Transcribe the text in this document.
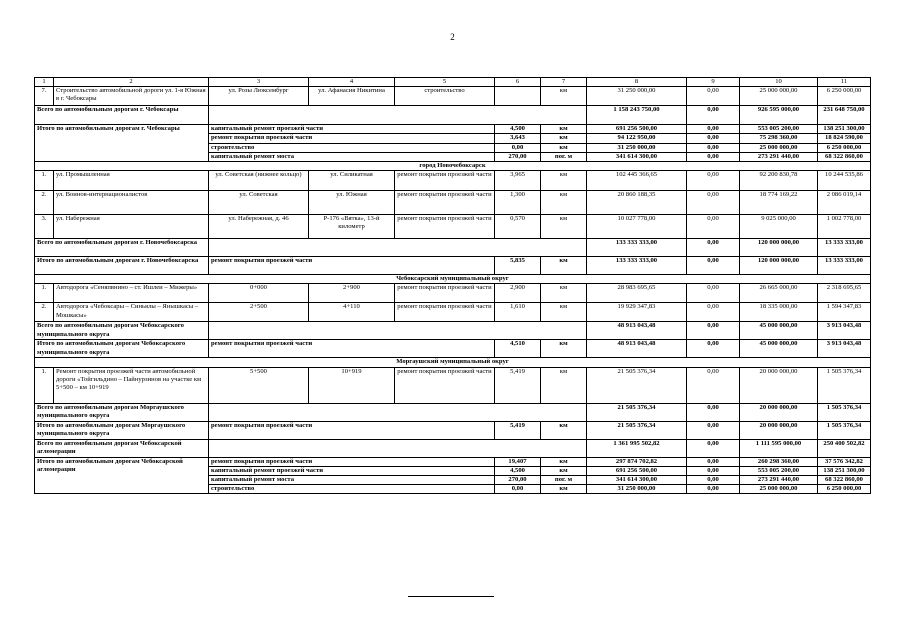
2
1	2	3	4	5	6	7	8	9	10	11
7.	Строительство автомобильной дороги ул. 1-я Южная в г. Чебоксары	ул. Розы Люксембург	ул. Афанасия Никитина	строительство		км	31 250 000,00	0,00	25 000 000,00	6 250 000,00
Всего по автомобильным дорогам г. Чебоксары							1 158 243 750,00	0,00	926 595 000,00	231 648 750,00
Итого по автомобильным дорогам г. Чебоксары		капитальный ремонт проезжей части			4,500	км	691 256 500,00	0,00	553 005 200,00	138 251 300,00
		ремонт покрытия проезжей части			3,643	км	94 122 950,00	0,00	75 298 360,00	18 824 590,00
		строительство			0,00	км	31 250 000,00	0,00	25 000 000,00	6 250 000,00
		капитальный ремонт моста			270,00	пог. м	341 614 300,00	0,00	273 291 440,00	68 322 860,00
город Новочебоксарск										
1.	ул. Промышленная	ул. Советская (нижнее кольцо)	ул. Силикатная	ремонт покрытия проезжей части	3,965	км	102 445 366,65	0,00	92 200 830,78	10 244 535,86
2.	ул. Воинов-интернационалистов	ул. Советская	ул. Южная	ремонт покрытия проезжей части	1,300	км	20 860 188,35	0,00	18 774 169,22	2 086 019,14
3.	ул. Набережная	ул. Набережная, д. 46	Р-176 «Вятка», 13-й километр	ремонт покрытия проезжей части	0,570	км	10 027 778,00	0,00	9 025 000,00	1 002 778,00
Всего по автомобильным дорогам г. Новочебоксарска							133 333 333,00	0,00	120 000 000,00	13 333 333,00
Итого по автомобильным дорогам г. Новочебоксарска		ремонт покрытия проезжей части			5,835	км	133 333 333,00	0,00	120 000 000,00	13 333 333,00
Чебоксарский муниципальный округ										
1.	Автодорога «Сеняпвнино – ст. Ишлеи – Мижеры»	0+000	2+900	ремонт покрытия проезжей части	2,900	км	28 983 695,65	0,00	26 665 000,00	2 318 695,65
2.	Автодорога «Чебоксары – Синьялы – Янышкасы – Мошкасы»	2+500	4+110	ремонт покрытия проезжей части	1,610	км	19 929 347,83	0,00	18 335 000,00	1 594 347,83
Всего по автомобильным дорогам Чебоксарского муниципального округа							48 913 043,48	0,00	45 000 000,00	3 913 043,48
Итого по автомобильным дорогам Чебоксарского муниципального округа		ремонт покрытия проезжей части			4,510	км	48 913 043,48	0,00	45 000 000,00	3 913 043,48
Моргаушский муниципальный округ										
1.	Ремонт покрытия проезжей части автомобильной дороги «Тойгильдино – Пайнурзинов на участке км 5+500 – км 10+919	5+500	10+919	ремонт покрытия проезжей части	5,419	км	21 505 376,34	0,00	20 000 000,00	1 505 376,34
Всего по автомобильным дорогам Моргаушского муниципального округа							21 505 376,34	0,00	20 000 000,00	1 505 376,34
Итого по автомобильным дорогам Моргаушского муниципального округа		ремонт покрытия проезжей части			5,419	км	21 505 376,34	0,00	20 000 000,00	1 505 376,34
Всего по автомобильным дорогам Чебоксарской агломерации							1 361 995 502,82	0,00	1 111 595 000,00	250 400 502,82
Итого по автомобильным дорогам Чебоксарской агломерации		ремонт покрытия проезжей части			19,407	км	297 874 702,82	0,00	260 298 360,00	37 576 342,82
		капитальный ремонт проезжей части			4,500	км	691 256 500,00	0,00	553 005 200,00	138 251 300,00
		капитальный ремонт моста			270,00	пог. м	341 614 300,00	0,00	273 291 440,00	68 322 860,00
		строительство			0,00	км	31 250 000,00	0,00	25 000 000,00	6 250 000,00
